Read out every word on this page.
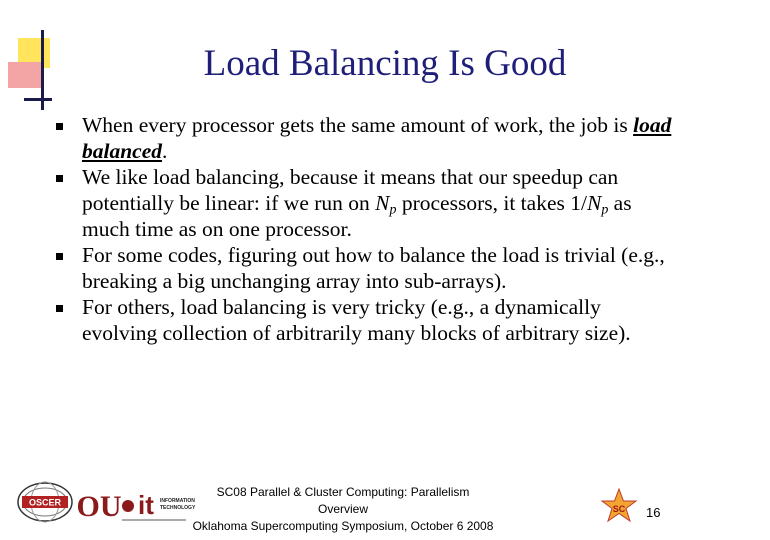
Load Balancing Is Good
When every processor gets the same amount of work, the job is load balanced.
We like load balancing, because it means that our speedup can potentially be linear: if we run on $N_p$ processors, it takes $1/N_p$ as much time as on one processor.
For some codes, figuring out how to balance the load is trivial (e.g., breaking a big unchanging array into sub-arrays).
For others, load balancing is very tricky (e.g., a dynamically evolving collection of arbitrarily many blocks of arbitrary size).
OSCER OU it INFORMATION
TECHNOLOGY
SC08 Parallel & Cluster Computing: Parallelism Overview
Oklahoma Supercomputing Symposium, October 6 2008
SC 16
